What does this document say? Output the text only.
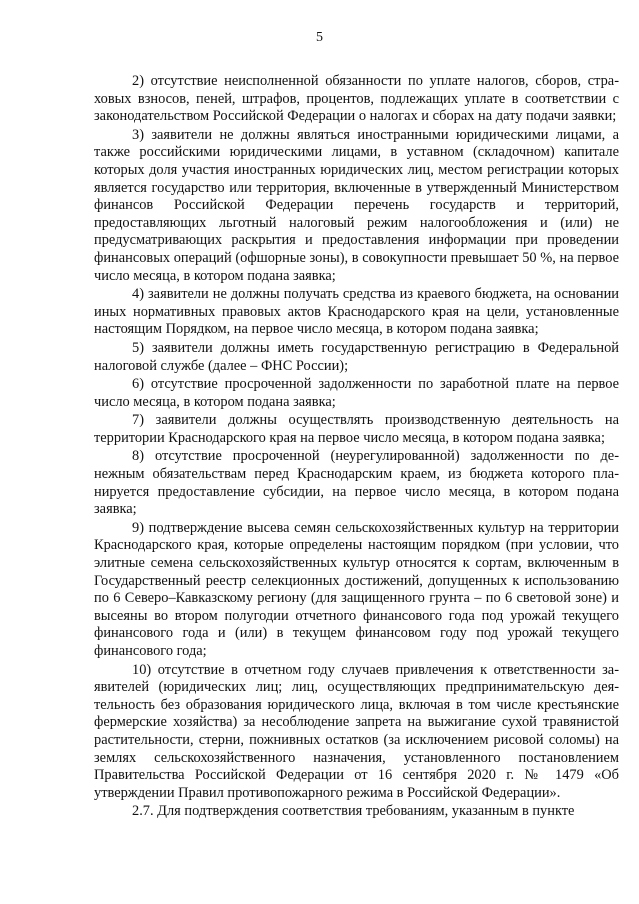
5

2) отсутствие неисполненной обязанности по уплате налогов, сборов, страховых взносов, пеней, штрафов, процентов, подлежащих уплате в соответствии с законодательством Российской Федерации о налогах и сборах на дату подачи заявки;

3) заявители не должны являться иностранными юридическими лицами, а также российскими юридическими лицами, в уставном (складочном) капитале которых доля участия иностранных юридических лиц, местом регистрации которых является государство или территория, включенные в утвержденный Министерством финансов Российской Федерации перечень государств и территорий, предоставляющих льготный налоговый режим налогообложения и (или) не предусматривающих раскрытия и предоставления информации при проведении финансовых операций (офшорные зоны), в совокупности превышает 50 %, на первое число месяца, в котором подана заявка;

4) заявители не должны получать средства из краевого бюджета, на основании иных нормативных правовых актов Краснодарского края на цели, установленные настоящим Порядком, на первое число месяца, в котором подана заявка;

5) заявители должны иметь государственную регистрацию в Федеральной налоговой службе (далее – ФНС России);

6) отсутствие просроченной задолженности по заработной плате на первое число месяца, в котором подана заявка;

7) заявители должны осуществлять производственную деятельность на территории Краснодарского края на первое число месяца, в котором подана заявка;

8) отсутствие просроченной (неурегулированной) задолженности по денежным обязательствам перед Краснодарским краем, из бюджета которого планируется предоставление субсидии, на первое число месяца, в котором подана заявка;

9) подтверждение высева семян сельскохозяйственных культур на территории Краснодарского края, которые определены настоящим порядком (при условии, что элитные семена сельскохозяйственных культур относятся к сортам, включенным в Государственный реестр селекционных достижений, допущенных к использованию по 6 Северо–Кавказскому региону (для защищенного грунта – по 6 световой зоне) и высеяны во втором полугодии отчетного финансового года под урожай текущего финансового года и (или) в текущем финансовом году под урожай текущего финансового года;

10) отсутствие в отчетном году случаев привлечения к ответственности заявителей (юридических лиц; лиц, осуществляющих предпринимательскую деятельность без образования юридического лица, включая в том числе крестьянские фермерские хозяйства) за несоблюдение запрета на выжигание сухой травянистой растительности, стерни, пожнивных остатков (за исключением рисовой соломы) на землях сельскохозяйственного назначения, установленного постановлением Правительства Российской Федерации от 16 сентября 2020 г. № 1479 «Об утверждении Правил противопожарного режима в Российской Федерации».

2.7. Для подтверждения соответствия требованиям, указанным в пункте
